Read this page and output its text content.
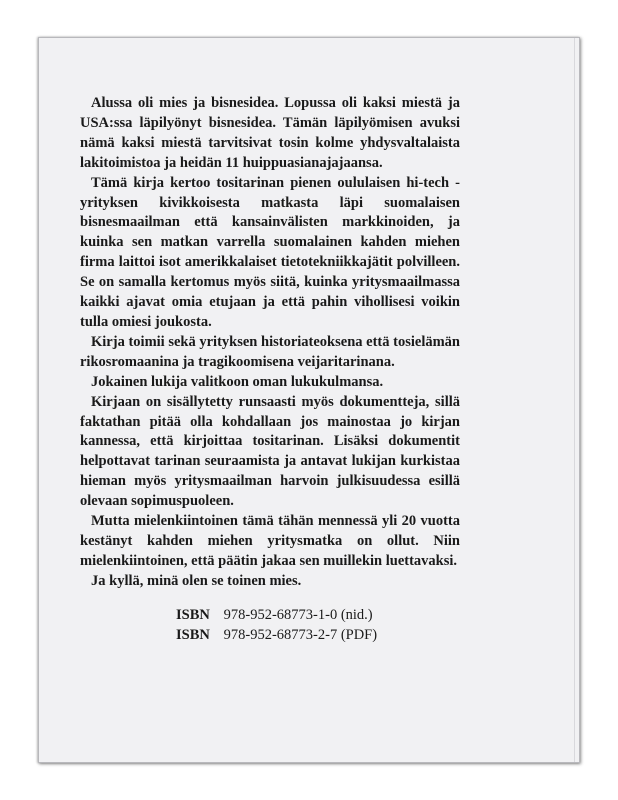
Alussa oli mies ja bisnesidea. Lopussa oli kaksi miestä ja USA:ssa läpilyönyt bisnesidea. Tämän läpilyömisen avuksi nämä kaksi miestä tarvitsivat tosin kolme yhdysvaltalaista lakitoimistoa ja heidän 11 huippuasianajajaansa.

Tämä kirja kertoo tositarinan pienen oululaisen hi-tech -yrityksen kivikkoisesta matkasta läpi suomalaisen bisnesmaailman että kansainvälisten markkinoiden, ja kuinka sen matkan varrella suomalainen kahden miehen firma laittoi isot amerikkalaiset tietotekniikkajätit polvilleen. Se on samalla kertomus myös siitä, kuinka yritysmaailmassa kaikki ajavat omia etujaan ja että pahin vihollisesi voikin tulla omiesi joukosta.

Kirja toimii sekä yrityksen historiateoksena että tosielämän rikosromaanina ja tragikoomisena veijaritarinana.

Jokainen lukija valitkoon oman lukukulmansa.

Kirjaan on sisällytetty runsaasti myös dokumentteja, sillä faktathan pitää olla kohdallaan jos mainostaa jo kirjan kannessa, että kirjoittaa tositarinan. Lisäksi dokumentit helpottavat tarinan seuraamista ja antavat lukijan kurkistaa hieman myös yritysmaailman harvoin julkisuudessa esillä olevaan sopimuspuoleen.

Mutta mielenkiintoinen tämä tähän mennessä yli 20 vuotta kestänyt kahden miehen yritysmatka on ollut. Niin mielenkiintoinen, että päätin jakaa sen muillekin luettavaksi.

Ja kyllä, minä olen se toinen mies.

ISBN 978-952-68773-1-0 (nid.)
ISBN 978-952-68773-2-7 (PDF)
